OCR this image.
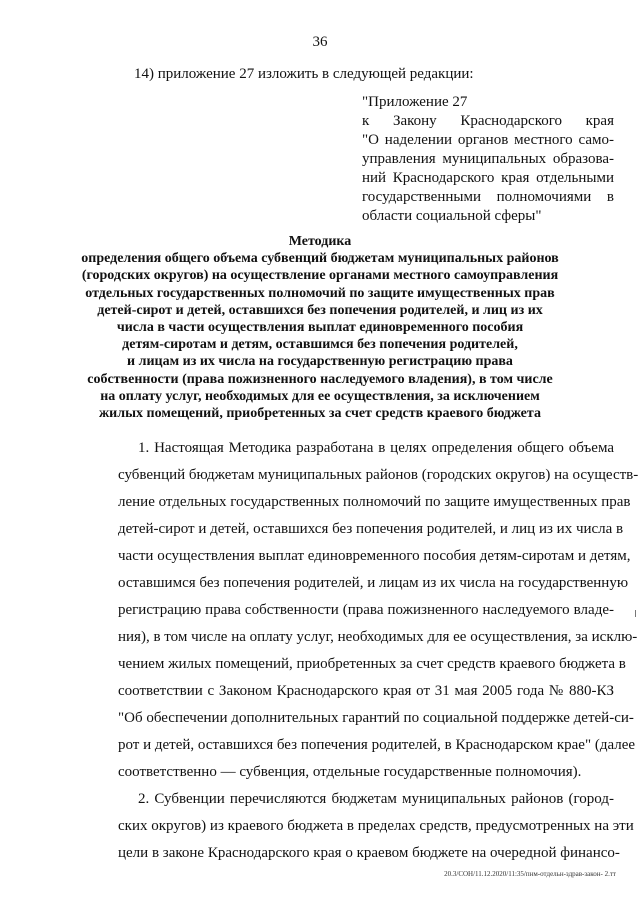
36
14) приложение 27 изложить в следующей редакции:
"Приложение 27
к Закону Краснодарского края
"О наделении органов местного само-
управления муниципальных образова-
ний Краснодарского края отдельными
государственными полномочиями в
области социальной сферы"
Методика
определения общего объема субвенций бюджетам муниципальных районов
(городских округов) на осуществление органами местного самоуправления
отдельных государственных полномочий по защите имущественных прав
детей-сирот и детей, оставшихся без попечения родителей, и лиц из их
числа в части осуществления выплат единовременного пособия
детям-сиротам и детям, оставшимся без попечения родителей,
и лицам из их числа на государственную регистрацию права
собственности (права пожизненного наследуемого владения), в том числе
на оплату услуг, необходимых для ее осуществления, за исключением
жилых помещений, приобретенных за счет средств краевого бюджета
1. Настоящая Методика разработана в целях определения общего объема
субвенций бюджетам муниципальных районов (городских округов) на осуществ-
ление отдельных государственных полномочий по защите имущественных прав
детей-сирот и детей, оставшихся без попечения родителей, и лиц из их числа в
части осуществления выплат единовременного пособия детям-сиротам и детям,
оставшимся без попечения родителей, и лицам из их числа на государственную
регистрацию права собственности (права пожизненного наследуемого владе-
ния), в том числе на оплату услуг, необходимых для ее осуществления, за исклю-
чением жилых помещений, приобретенных за счет средств краевого бюджета в
соответствии с Законом Краснодарского края от 31 мая 2005 года № 880-КЗ
"Об обеспечении дополнительных гарантий по социальной поддержке детей-си-
рот и детей, оставшихся без попечения родителей, в Краснодарском крае" (далее
соответственно — субвенция, отдельные государственные полномочия).
2. Субвенции перечисляются бюджетам муниципальных районов (город-
ских округов) из краевого бюджета в пределах средств, предусмотренных на эти
цели в законе Краснодарского края о краевом бюджете на очередной финансо-
20.3/СОН/11.12.2020/11:35/пнм-отдельн-здрав-закон- 2.тт
